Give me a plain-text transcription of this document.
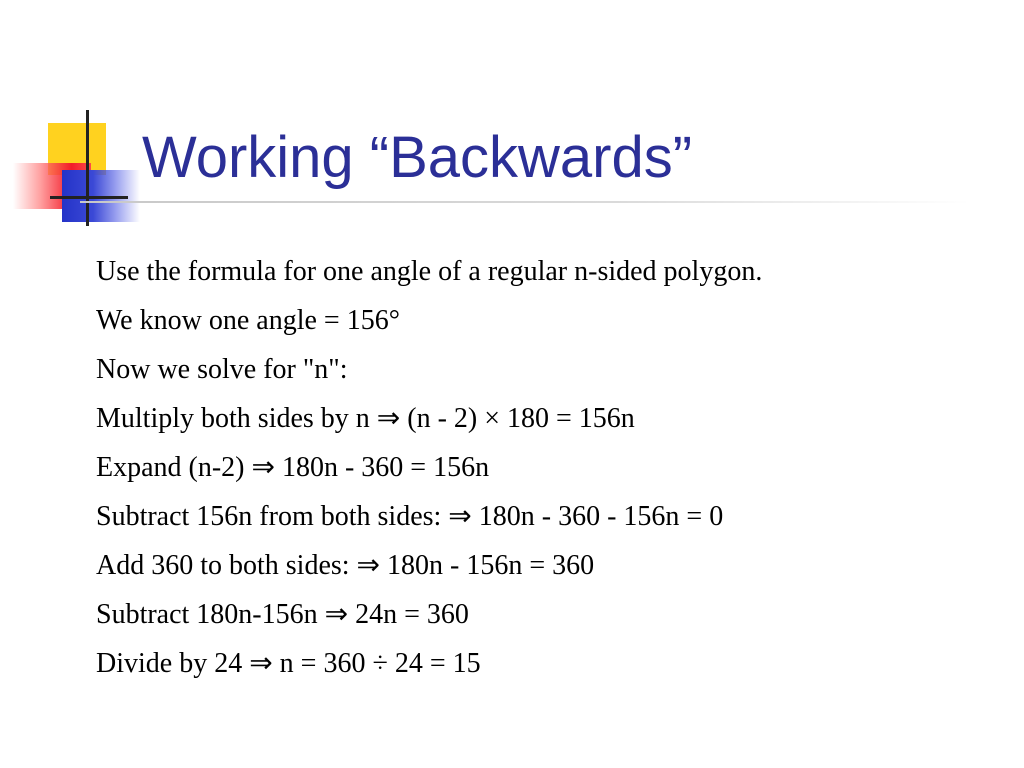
Working “Backwards”
Use the formula for one angle of a regular n-sided polygon.
We know one angle = 156°
Now we solve for "n":
Multiply both sides by n ⇒ (n - 2) × 180 = 156n
Expand (n-2) ⇒ 180n - 360 = 156n
Subtract 156n from both sides: ⇒ 180n - 360 - 156n = 0
Add 360 to both sides: ⇒ 180n - 156n = 360
Subtract 180n-156n ⇒ 24n = 360
Divide by 24 ⇒ n = 360 ÷ 24 = 15
